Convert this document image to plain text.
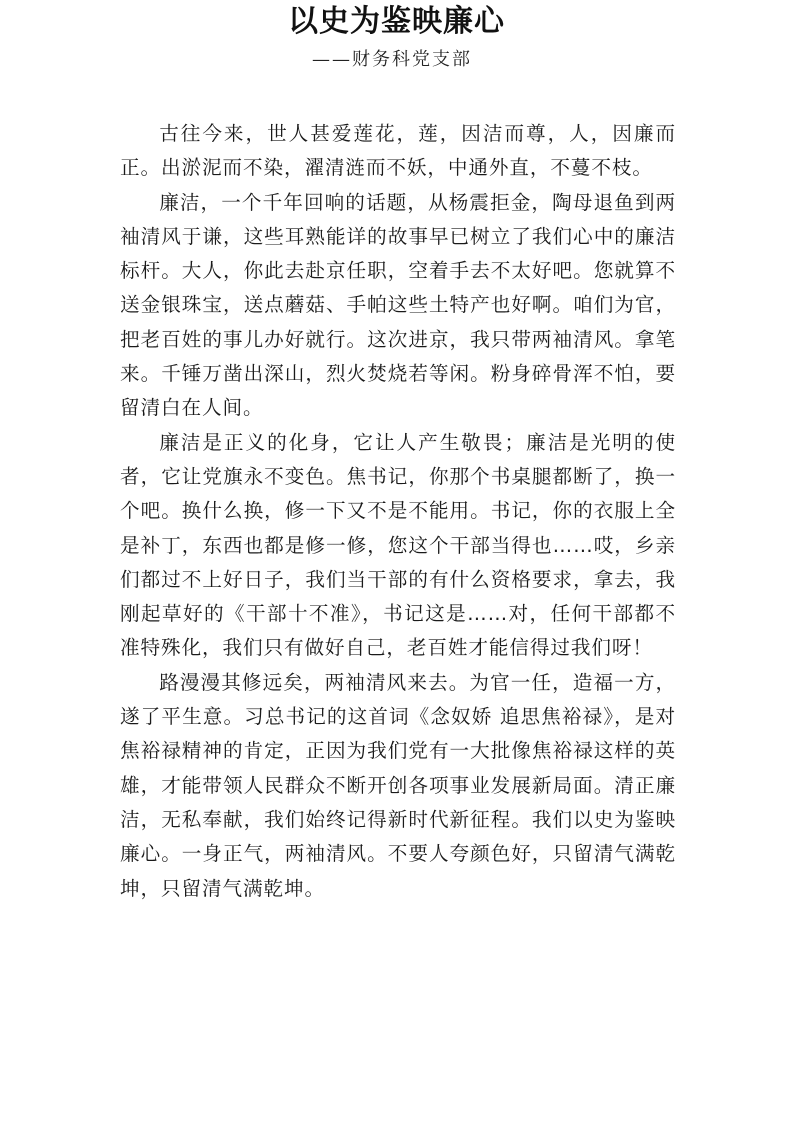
以史为鉴映廉心
——财务科党支部

古往今来，世人甚爱莲花，莲，因洁而尊，人，因廉而正。出淤泥而不染，濯清涟而不妖，中通外直，不蔓不枝。

廉洁，一个千年回响的话题，从杨震拒金，陶母退鱼到两袖清风于谦，这些耳熟能详的故事早已树立了我们心中的廉洁标杆。大人，你此去赴京任职，空着手去不太好吧。您就算不送金银珠宝，送点蘑菇、手帕这些土特产也好啊。咱们为官，把老百姓的事儿办好就行。这次进京，我只带两袖清风。拿笔来。千锤万凿出深山，烈火焚烧若等闲。粉身碎骨浑不怕，要留清白在人间。

廉洁是正义的化身，它让人产生敬畏；廉洁是光明的使者，它让党旗永不变色。焦书记，你那个书桌腿都断了，换一个吧。换什么换，修一下又不是不能用。书记，你的衣服上全是补丁，东西也都是修一修，您这个干部当得也……哎，乡亲们都过不上好日子，我们当干部的有什么资格要求，拿去，我刚起草好的《干部十不准》，书记这是……对，任何干部都不准特殊化，我们只有做好自己，老百姓才能信得过我们呀！

路漫漫其修远矣，两袖清风来去。为官一任，造福一方，遂了平生意。习总书记的这首词《念奴娇 追思焦裕禄》，是对焦裕禄精神的肯定，正因为我们党有一大批像焦裕禄这样的英雄，才能带领人民群众不断开创各项事业发展新局面。清正廉洁，无私奉献，我们始终记得新时代新征程。我们以史为鉴映廉心。一身正气，两袖清风。不要人夸颜色好，只留清气满乾坤，只留清气满乾坤。
